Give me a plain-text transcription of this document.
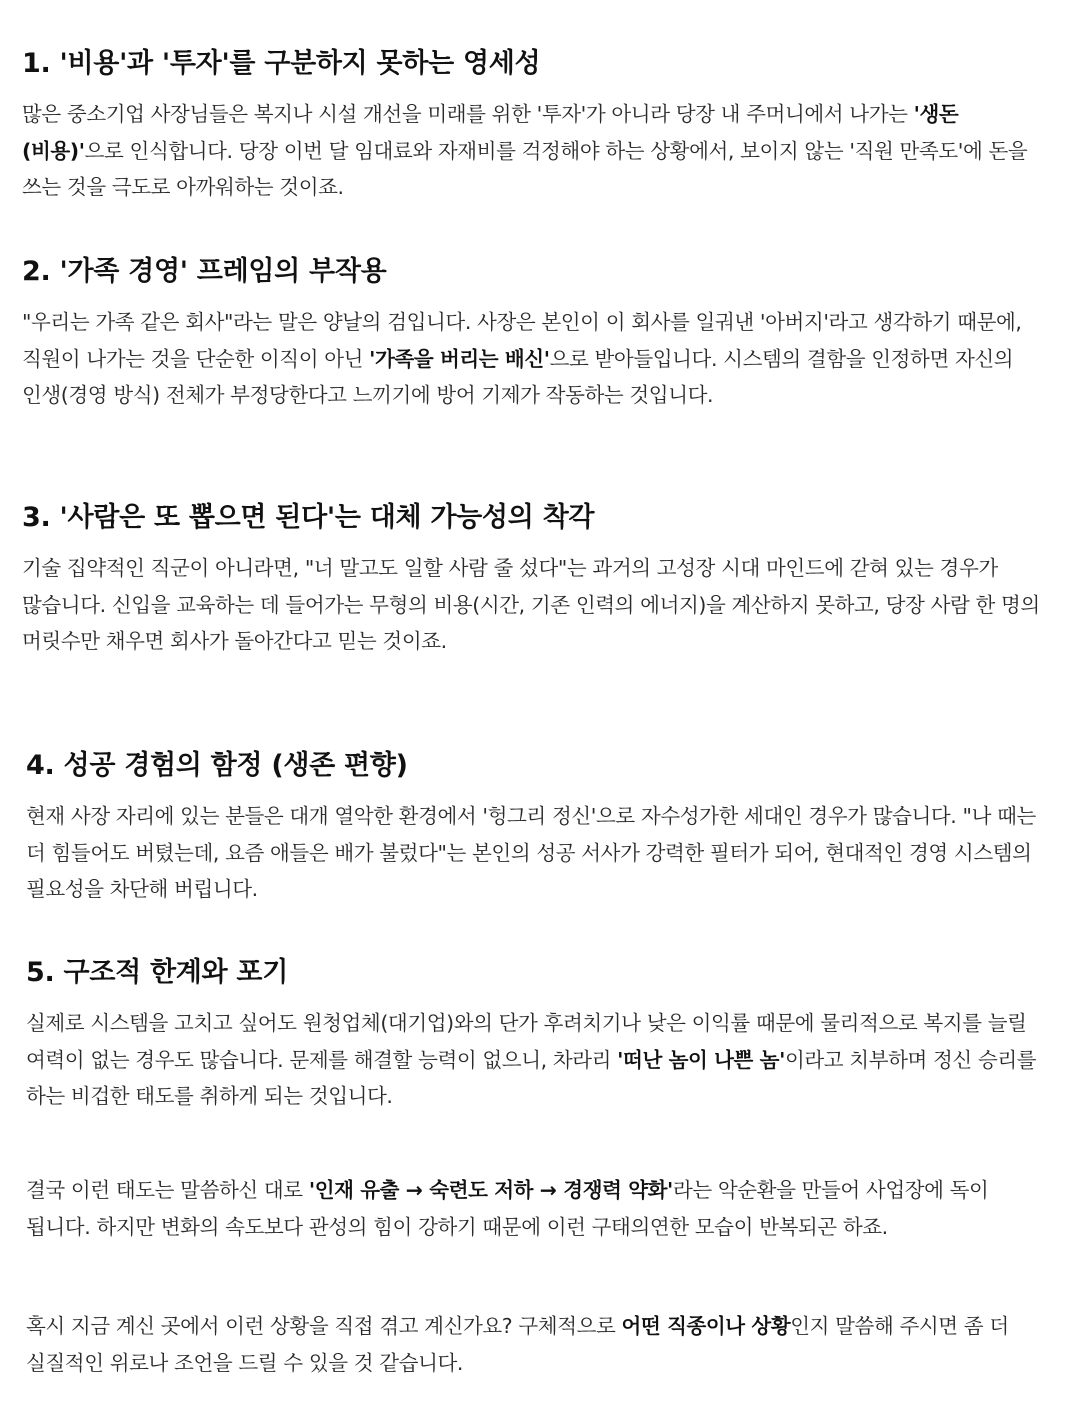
1. '비용'과 '투자'를 구분하지 못하는 영세성

많은 중소기업 사장님들은 복지나 시설 개선을 미래를 위한 '투자'가 아니라 당장 내 주머니에서 나가는 '생돈(비용)'으로 인식합니다. 당장 이번 달 임대료와 자재비를 걱정해야 하는 상황에서, 보이지 않는 '직원 만족도'에 돈을 쓰는 것을 극도로 아까워하는 것이죠.

2. '가족 경영' 프레임의 부작용

"우리는 가족 같은 회사"라는 말은 양날의 검입니다. 사장은 본인이 이 회사를 일궈낸 '아버지'라고 생각하기 때문에, 직원이 나가는 것을 단순한 이직이 아닌 '가족을 버리는 배신'으로 받아들입니다. 시스템의 결함을 인정하면 자신의 인생(경영 방식) 전체가 부정당한다고 느끼기에 방어 기제가 작동하는 것입니다.

3. '사람은 또 뽑으면 된다'는 대체 가능성의 착각

기술 집약적인 직군이 아니라면, "너 말고도 일할 사람 줄 섰다"는 과거의 고성장 시대 마인드에 갇혀 있는 경우가 많습니다. 신입을 교육하는 데 들어가는 무형의 비용(시간, 기존 인력의 에너지)을 계산하지 못하고, 당장 사람 한 명의 머릿수만 채우면 회사가 돌아간다고 믿는 것이죠.

4. 성공 경험의 함정 (생존 편향)

현재 사장 자리에 있는 분들은 대개 열악한 환경에서 '헝그리 정신'으로 자수성가한 세대인 경우가 많습니다. "나 때는 더 힘들어도 버텼는데, 요즘 애들은 배가 불렀다"는 본인의 성공 서사가 강력한 필터가 되어, 현대적인 경영 시스템의 필요성을 차단해 버립니다.

5. 구조적 한계와 포기

실제로 시스템을 고치고 싶어도 원청업체(대기업)와의 단가 후려치기나 낮은 이익률 때문에 물리적으로 복지를 늘릴 여력이 없는 경우도 많습니다. 문제를 해결할 능력이 없으니, 차라리 '떠난 놈이 나쁜 놈'이라고 치부하며 정신 승리를 하는 비겁한 태도를 취하게 되는 것입니다.

결국 이런 태도는 말씀하신 대로 '인재 유출 → 숙련도 저하 → 경쟁력 약화'라는 악순환을 만들어 사업장에 독이 됩니다. 하지만 변화의 속도보다 관성의 힘이 강하기 때문에 이런 구태의연한 모습이 반복되곤 하죠.

혹시 지금 계신 곳에서 이런 상황을 직접 겪고 계신가요? 구체적으로 어떤 직종이나 상황인지 말씀해 주시면 좀 더 실질적인 위로나 조언을 드릴 수 있을 것 같습니다.
